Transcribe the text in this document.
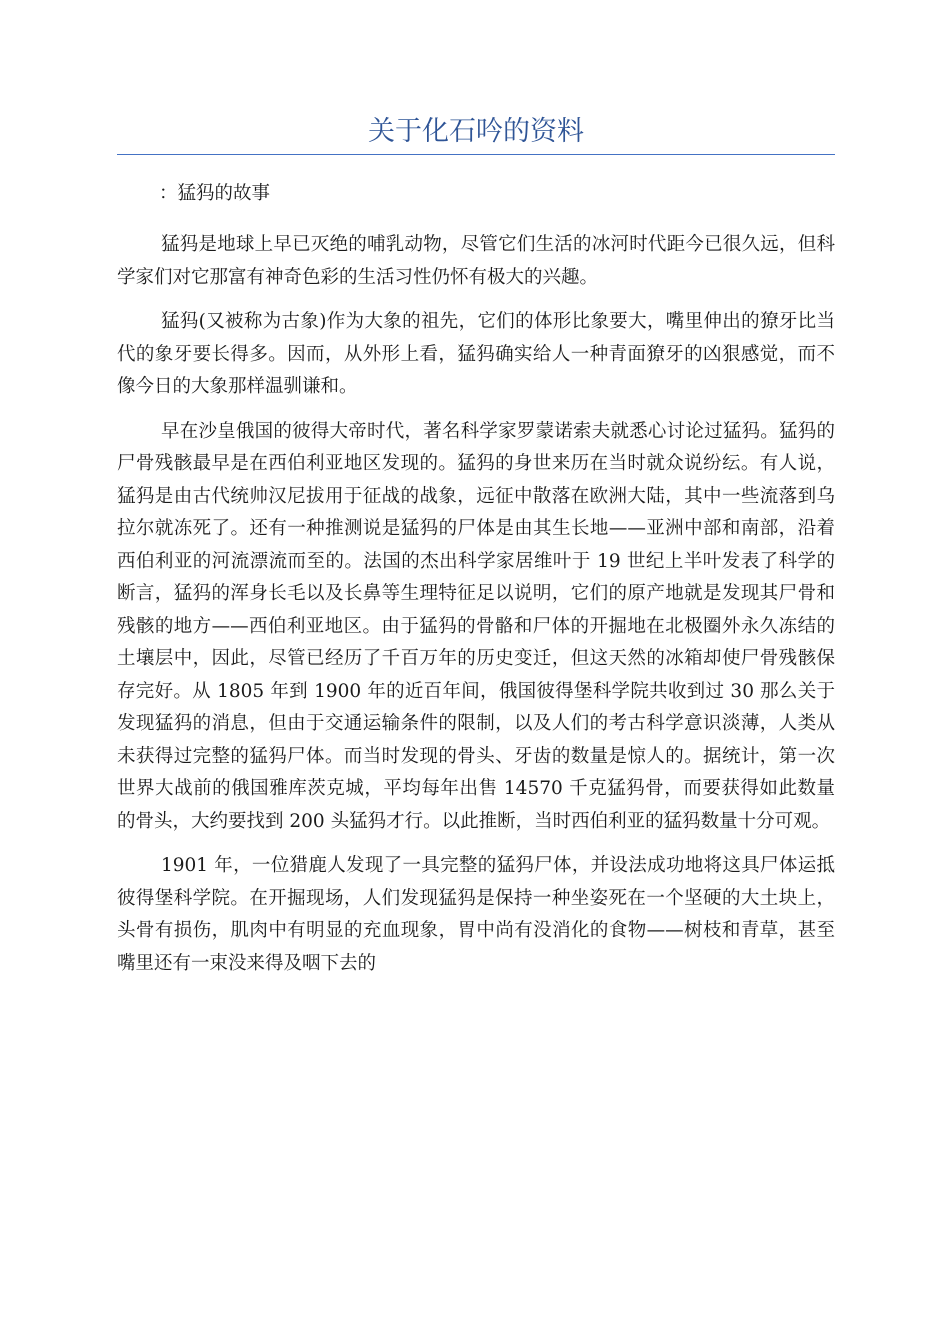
关于化石吟的资料
：猛犸的故事

猛犸是地球上早已灭绝的哺乳动物，尽管它们生活的冰河时代距今已很久远，但科学家们对它那富有神奇色彩的生活习性仍怀有极大的兴趣。

猛犸(又被称为古象)作为大象的祖先，它们的体形比象要大，嘴里伸出的獠牙比当代的象牙要长得多。因而，从外形上看，猛犸确实给人一种青面獠牙的凶狠感觉，而不像今日的大象那样温驯谦和。

早在沙皇俄国的彼得大帝时代，著名科学家罗蒙诺索夫就悉心讨论过猛犸。猛犸的尸骨残骸最早是在西伯利亚地区发现的。猛犸的身世来历在当时就众说纷纭。有人说，猛犸是由古代统帅汉尼拔用于征战的战象，远征中散落在欧洲大陆，其中一些流落到乌拉尔就冻死了。还有一种推测说是猛犸的尸体是由其生长地——亚洲中部和南部，沿着西伯利亚的河流漂流而至的。法国的杰出科学家居维叶于 19 世纪上半叶发表了科学的断言，猛犸的浑身长毛以及长鼻等生理特征足以说明，它们的原产地就是发现其尸骨和残骸的地方——西伯利亚地区。由于猛犸的骨骼和尸体的开掘地在北极圈外永久冻结的土壤层中，因此，尽管已经历了千百万年的历史变迁，但这天然的冰箱却使尸骨残骸保存完好。从 1805 年到 1900 年的近百年间，俄国彼得堡科学院共收到过 30 那么关于发现猛犸的消息，但由于交通运输条件的限制，以及人们的考古科学意识淡薄，人类从未获得过完整的猛犸尸体。而当时发现的骨头、牙齿的数量是惊人的。据统计，第一次世界大战前的俄国雅库茨克城，平均每年出售 14570 千克猛犸骨，而要获得如此数量的骨头，大约要找到 200 头猛犸才行。以此推断，当时西伯利亚的猛犸数量十分可观。

1901 年，一位猎鹿人发现了一具完整的猛犸尸体，并设法成功地将这具尸体运抵彼得堡科学院。在开掘现场，人们发现猛犸是保持一种坐姿死在一个坚硬的大土块上，头骨有损伤，肌肉中有明显的充血现象，胃中尚有没消化的食物——树枝和青草，甚至嘴里还有一束没来得及咽下去的
